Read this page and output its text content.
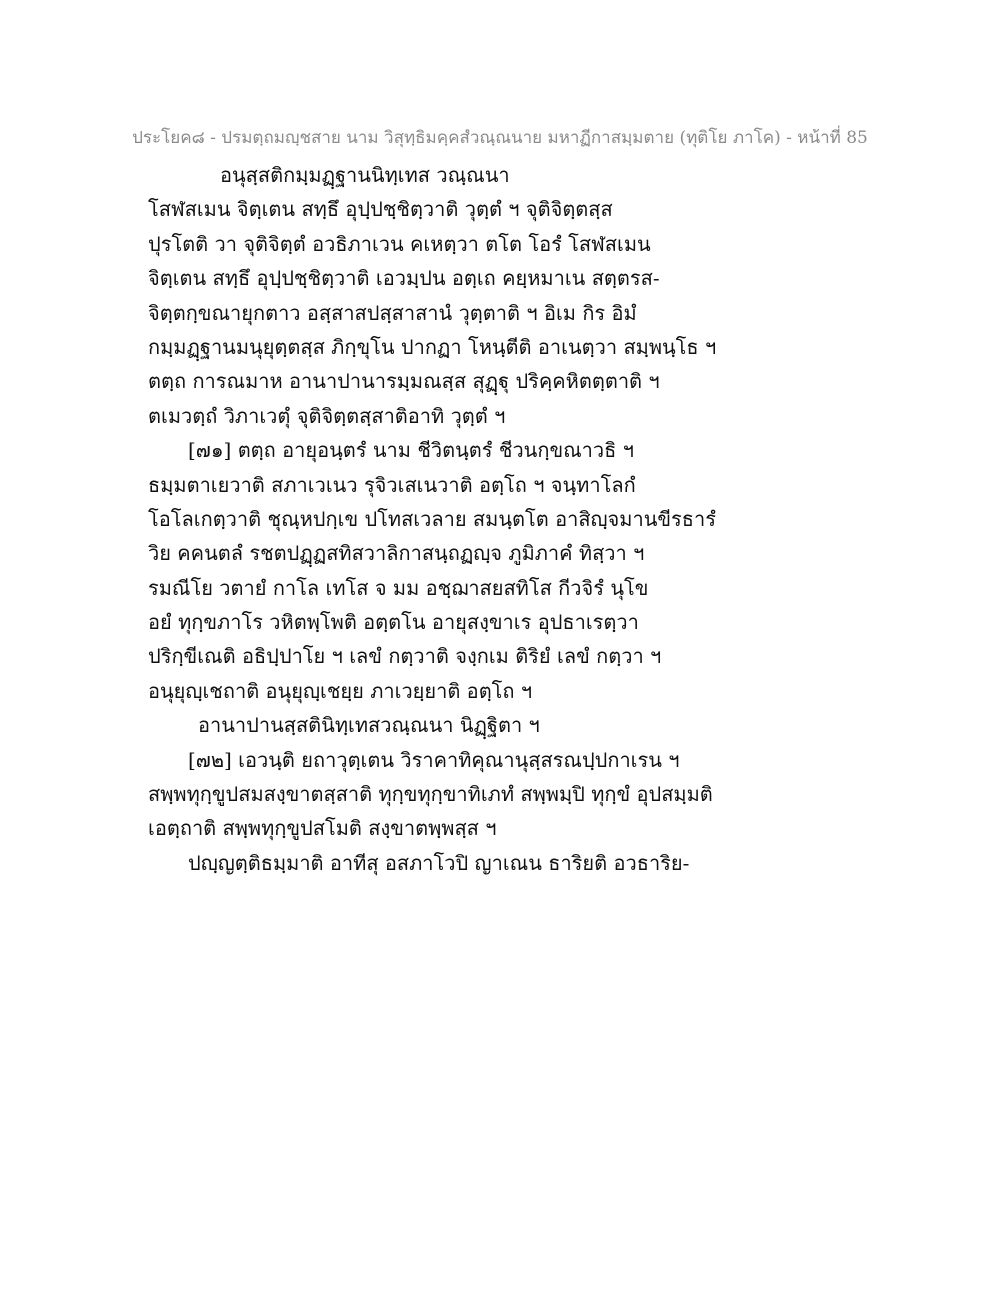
ประโยค๘ - ปรมตฺถมญฺชสาย นาม วิสุทฺธิมคฺคสํวณฺณนาย มหาฏีกาสมฺมตาย (ทุติโย ภาโค) - หน้าที่ 85
อนุสฺสติกมฺมฏฺฐานนิทฺเทส วณฺณนา
โสฬสเมน จิตฺเตน สทฺธึ อุปฺปชฺชิตฺวาติ วุตฺตํ ฯ จุติจิตฺตสฺส
ปุรโตติ วา จุติจิตฺตํ อวธิภาเวน คเหตฺวา ตโต โอรํ โสฬสเมน
จิตฺเตน สทฺธึ อุปฺปชฺชิตฺวาติ เอวมฺปน อตฺเถ คยฺหมาเน สตฺตรส-
จิตฺตกฺขณายุกตาว อสฺสาสปสฺสาสานํ วุตฺตาติ ฯ อิเม กิร อิมํ
กมฺมฏฺฐานมนุยุตฺตสฺส ภิกฺขุโน ปากฏา โหนฺตีติ อาเนตฺวา สมฺพนฺโธ ฯ
ตตฺถ การณมาห อานาปานารมฺมณสฺส สุฏฺฐุ ปริคฺคหิตตฺตาติ ฯ
ตเมวตฺถํ วิภาเวตุํ จุติจิตฺตสฺสาติอาทิ วุตฺตํ ฯ
[๗๑] ตตฺถ อายุอนฺตรํ นาม ชีวิตนฺตรํ ชีวนกฺขณาวธิ ฯ
ธมฺมตาเยวาติ สภาเวเนว รุจิวเสเนวาติ อตฺโถ ฯ จนฺทาโลกํ
โอโลเกตฺวาติ ชุณฺหปกฺเข ปโทสเวลาย สมนฺตโต อาสิญฺจมานขีรธารํ
วิย คคนตลํ รชตปฏฺฏสทิสวาลิกาสนฺถฏญฺจ ภูมิภาคํ ทิสฺวา ฯ
รมณีโย วตายํ กาโล เทโส จ มม อชฺฌาสยสทิโส กีวจิรํ นุโข
อยํ ทุกฺขภาโร วหิตพฺโพติ อตฺตโน อายุสงฺขาเร อุปธาเรตฺวา
ปริกฺขีเณติ อธิปฺปาโย ฯ เลขํ กตฺวาติ จงฺกเม ติริยํ เลขํ กตฺวา ฯ
อนุยุญฺเชถาติ อนุยุญฺเชยฺย ภาเวยฺยาติ อตฺโถ ฯ
อานาปานสฺสตินิทฺเทสวณฺณนา นิฏฺฐิตา ฯ
[๗๒] เอวนฺติ ยถาวุตฺเตน วิราคาทิคุณานุสฺสรณปฺปกาเรน ฯ
สพฺพทุกฺขูปสมสงฺขาตสฺสาติ ทุกฺขทุกฺขาทิเภทํ สพฺพมฺปิ ทุกฺขํ อุปสมฺมติ
เอตฺถาติ สพฺพทุกฺขูปสโมติ สงฺขาตพฺพสฺส ฯ
ปญฺญตฺติธมฺมาติ อาทีสุ อสภาโวปิ ญาเณน ธาริยติ อวธาริย-
